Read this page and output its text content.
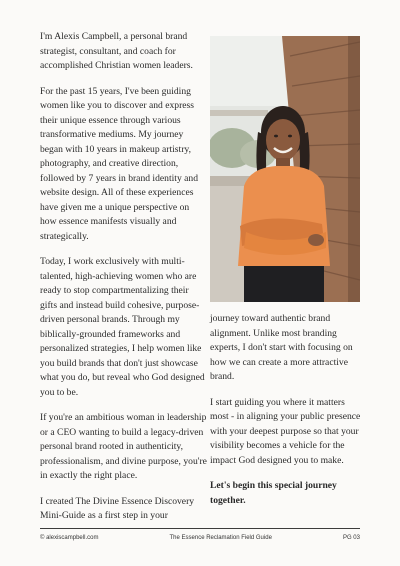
I'm Alexis Campbell, a personal brand strategist, consultant, and coach for accomplished Christian women leaders.

For the past 15 years, I've been guiding women like you to discover and express their unique essence through various transformative mediums. My journey began with 10 years in makeup artistry, photography, and creative direction, followed by 7 years in brand identity and website design. All of these experiences have given me a unique perspective on how essence manifests visually and strategically.

Today, I work exclusively with multi-talented, high-achieving women who are ready to stop compartmentalizing their gifts and instead build cohesive, purpose-driven personal brands. Through my biblically-grounded frameworks and personalized strategies, I help women like you build brands that don't just showcase what you do, but reveal who God designed you to be.

If you're an ambitious woman in leadership or a CEO wanting to build a legacy-driven personal brand rooted in authenticity, professionalism, and divine purpose, you're in exactly the right place.

I created The Divine Essence Discovery Mini-Guide as a first step in your

journey toward authentic brand alignment. Unlike most branding experts, I don't start with focusing on how we can create a more attractive brand.

I start guiding you where it matters most - in aligning your public presence with your deepest purpose so that your visibility becomes a vehicle for the impact God designed you to make.

Let's begin this special journey together.

© alexiscampbell.com	The Essence Reclamation Field Guide	PG 03
